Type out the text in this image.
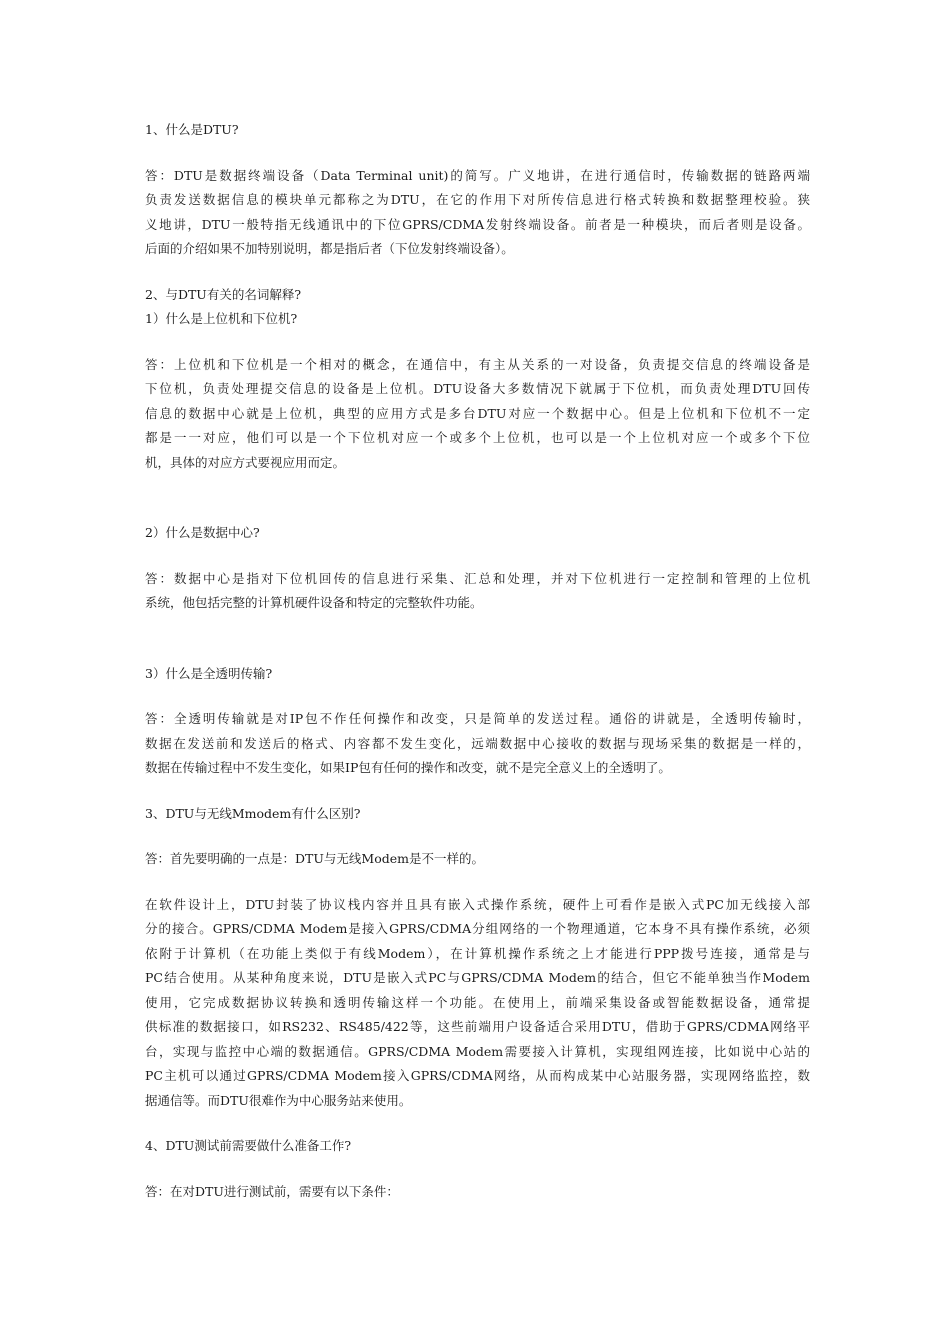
1、什么是DTU?

答：DTU是数据终端设备（Data Terminal unit)的简写。广义地讲，在进行通信时，传输数据的链路两端
负责发送数据信息的模块单元都称之为DTU，在它的作用下对所传信息进行格式转换和数据整理校验。狭
义地讲，DTU一般特指无线通讯中的下位GPRS/CDMA发射终端设备。前者是一种模块，而后者则是设备。
后面的介绍如果不加特别说明，都是指后者（下位发射终端设备）。

2、与DTU有关的名词解释?

1）什么是上位机和下位机?

答：上位机和下位机是一个相对的概念，在通信中，有主从关系的一对设备，负责提交信息的终端设备是
下位机，负责处理提交信息的设备是上位机。DTU设备大多数情况下就属于下位机，而负责处理DTU回传
信息的数据中心就是上位机，典型的应用方式是多台DTU对应一个数据中心。但是上位机和下位机不一定
都是一一对应，他们可以是一个下位机对应一个或多个上位机，也可以是一个上位机对应一个或多个下位
机，具体的对应方式要视应用而定。

2）什么是数据中心?

答：数据中心是指对下位机回传的信息进行采集、汇总和处理，并对下位机进行一定控制和管理的上位机
系统，他包括完整的计算机硬件设备和特定的完整软件功能。

3）什么是全透明传输?

答：全透明传输就是对IP包不作任何操作和改变，只是简单的发送过程。通俗的讲就是，全透明传输时，
数据在发送前和发送后的格式、内容都不发生变化，远端数据中心接收的数据与现场采集的数据是一样的，
数据在传输过程中不发生变化，如果IP包有任何的操作和改变，就不是完全意义上的全透明了。

3、DTU与无线Mmodem有什么区别?

答：首先要明确的一点是：DTU与无线Modem是不一样的。

在软件设计上，DTU封装了协议栈内容并且具有嵌入式操作系统，硬件上可看作是嵌入式PC加无线接入部
分的接合。GPRS/CDMA Modem是接入GPRS/CDMA分组网络的一个物理通道，它本身不具有操作系统，必须
依附于计算机（在功能上类似于有线Modem），在计算机操作系统之上才能进行PPP拨号连接，通常是与
PC结合使用。从某种角度来说，DTU是嵌入式PC与GPRS/CDMA Modem的结合，但它不能单独当作Modem
使用，它完成数据协议转换和透明传输这样一个功能。在使用上，前端采集设备或智能数据设备，通常提
供标准的数据接口，如RS232、RS485/422等，这些前端用户设备适合采用DTU，借助于GPRS/CDMA网络平
台，实现与监控中心端的数据通信。GPRS/CDMA Modem需要接入计算机，实现组网连接，比如说中心站的
PC主机可以通过GPRS/CDMA Modem接入GPRS/CDMA网络，从而构成某中心站服务器，实现网络监控，数
据通信等。而DTU很难作为中心服务站来使用。

4、DTU测试前需要做什么准备工作?

答：在对DTU进行测试前，需要有以下条件：
